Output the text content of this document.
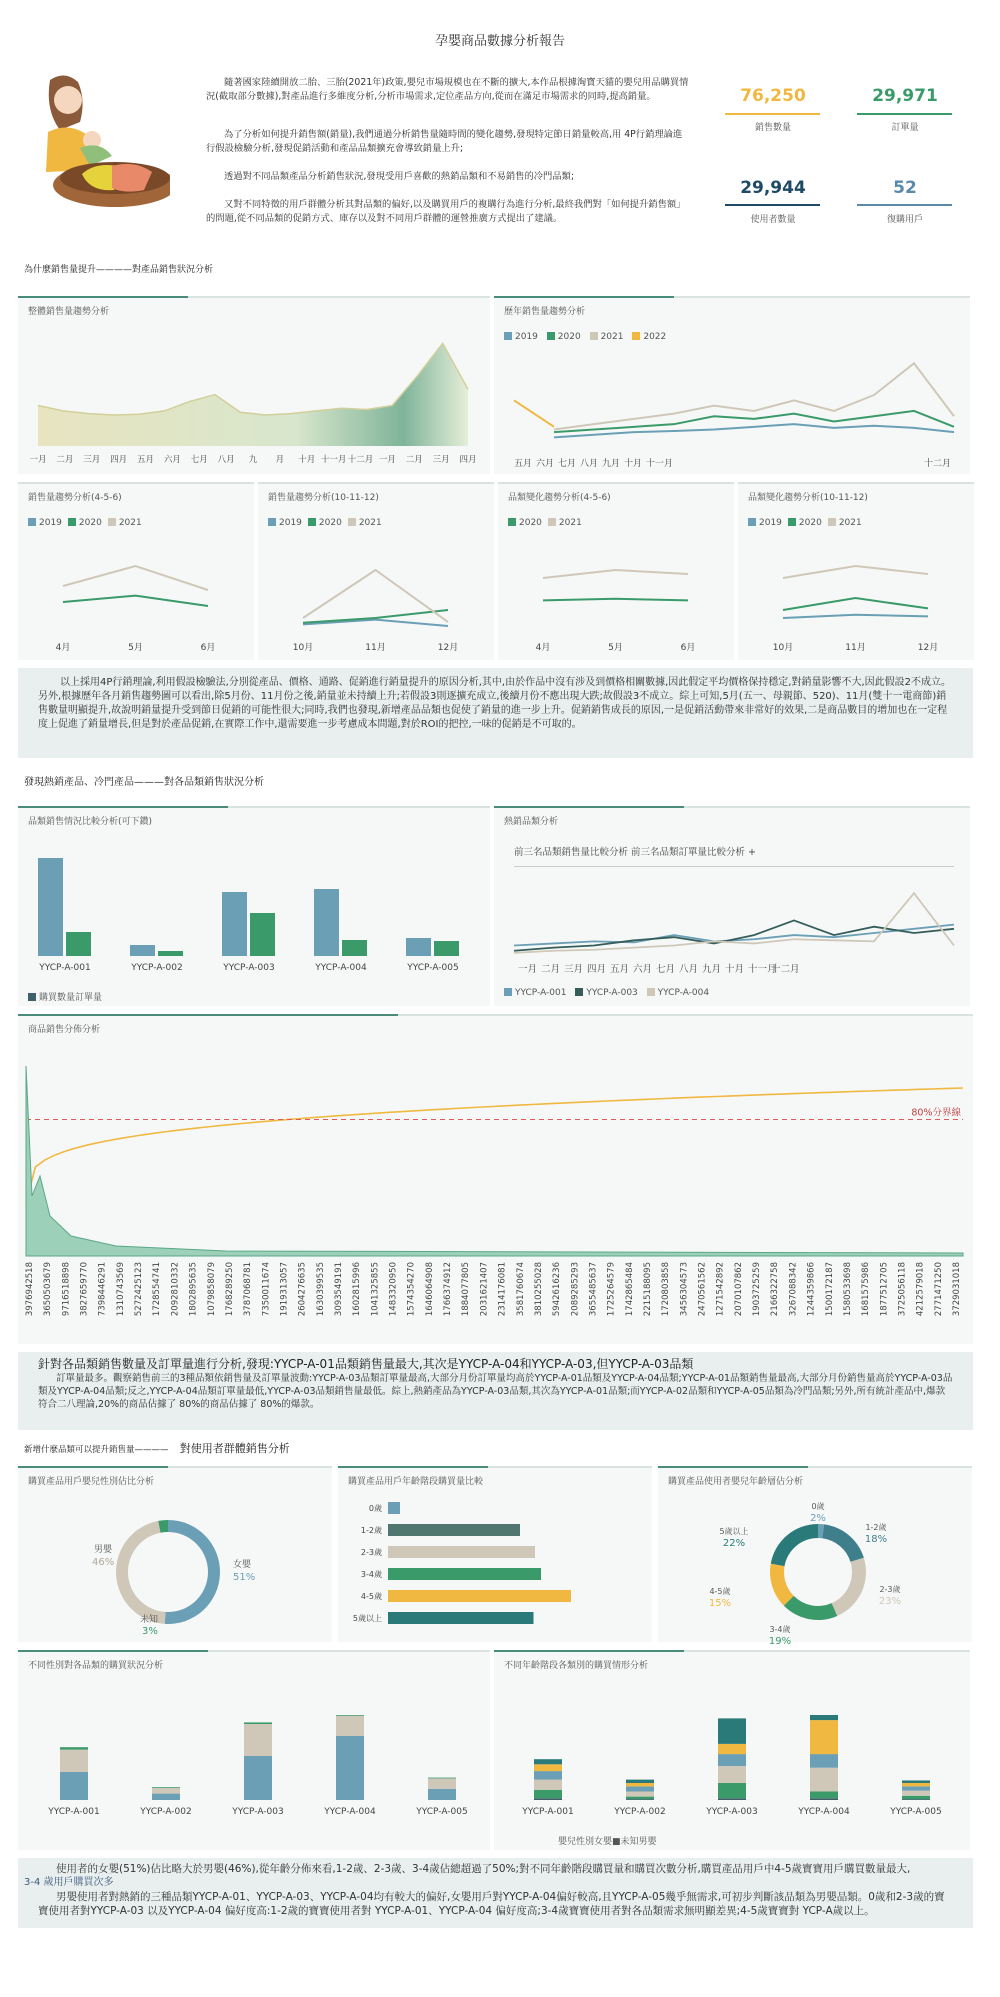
孕嬰商品數據分析報告
隨著國家陸續開放二胎、三胎(2021年)政策,嬰兒市場規模也在不斷的擴大,本作品根據淘寶天貓的嬰兒用品購買情況(截取部分數據),對產品進行多維度分析,分析市場需求,定位產品方向,從而在滿足市場需求的同時,提高銷量。
為了分析如何提升銷售額(銷量),我們通過分析銷售量隨時間的變化趨勢,發現特定節日銷量較高,用 4P行銷理論進行假設檢驗分析,發現促銷活動和產品品類擴充會導致銷量上升;
透過對不同品類產品分析銷售狀況,發現受用戶喜歡的熱銷品類和不易銷售的冷門品類;
又對不同特徵的用戶群體分析其對品類的偏好,以及購買用戶的複購行為進行分析,最終我們對「如何提升銷售額」的問題,從不同品類的促銷方式、庫存以及對不同用戶群體的運營推廣方式提出了建議。
76,250
銷售數量
29,971
訂單量
29,944
使用者數量
52
復購用戶
為什麼銷售量提升————對產品銷售狀況分析
整體銷售量趨勢分析
一月 二月 三月 四月 五月 六月 七月 八月 九 月 十月 十一月 十二月 一月 二月 三月 四月
歷年銷售量趨勢分析
2019 2020 2021 2022
五月 六月 七月 八月 九月 十月 十一月	十二月
銷售量趨勢分析(4-5-6)
2019 2020 2021
4月	5月	6月
銷售量趨勢分析(10-11-12)
2019 2020 2021
10月	11月	12月
品類變化趨勢分析(4-5-6)
2020 2021
4月	5月	6月
品類變化趨勢分析(10-11-12)
2019 2020 2021
10月	11月	12月
以上採用4P行銷理論,利用假設檢驗法,分別從產品、價格、通路、促銷進行銷量提升的原因分析,其中,由於作品中沒有涉及到價格相關數據,因此假定平均價格保持穩定,對銷量影響不大,因此假設2不成立。另外,根據歷年各月銷售趨勢圖可以看出,除5月份、11月份之後,銷量並未持續上升;若假設3則逐擴充成立,後續月份不應出現大跌;故假設3不成立。綜上可知,5月(五一、母親節、520)、11月(雙十一電商節)銷售數量明顯提升,故說明銷量提升受到節日促銷的可能性很大;同時,我們也發現,新增產品品類也促使了銷量的進一步上升。促銷銷售成長的原因,一是促銷活動帶來非常好的效果,二是商品數目的增加也在一定程度上促進了銷量增長,但是對於產品促銷,在實際工作中,還需要進一步考慮成本問題,對於ROI的把控,一味的促銷是不可取的。
發現熱銷產品、冷門產品———對各品類銷售狀況分析
品類銷售情況比較分析(可下鑽)
YYCP-A-001	YYCP-A-002	YYCP-A-003	YYCP-A-004	YYCP-A-005
購買數量訂單量
熱銷品類分析
前三名品類銷售量比較分析 前三名品類訂單量比較分析 +
一月 二月 三月 四月 五月 六月 七月 八月 九月 十月 十一月
十二月
YYCP-A-001 YYCP-A-003 YYCP-A-004
商品銷售分佈分析
80%分界線
3976942518 3650503679 9716518898 3827659770 7398446291 1310743569 5272425123 1728554741 2092810332 1802895635 1079858079 1768289250 3787068781 7350011674 1919313057 2604276635 1630399535 3093549191 1602815996 1041325855 1483320950 1574354270 1646064908 1766374912 1884077805 2031621407 2314176081 3581760674 3810255028 5942616236 2089285293 3655485637 1725264579 1742865484 2215188095 1720803858 3456304573 2470561562 1271542892 2070107862 1903725259 2166322758 3267088342 1244359866 1500172187 1580533698 1681575986 1877512705 3725056118 4212579018 2771471250 3729031018
針對各品類銷售數量及訂單量進行分析,發現:YYCP-A-01品類銷售量最大,其次是YYCP-A-04和YYCP-A-03,但YYCP-A-03品類
訂單量最多。觀察銷售前三的3種品類依銷售量及訂單量波動:YYCP-A-03品類訂單量最高,大部分月份訂單量均高於YYCP-A-01品類及YYCP-A-04品類;YYCP-A-01品類銷售量最高,大部分月份銷售量高於YYCP-A-03品類及YYCP-A-04品類;反之,YYCP-A-04品類訂單量最低,YYCP-A-03品類銷售量最低。綜上,熱銷產品為YYCP-A-03品類,其次為YYCP-A-01品類;而YYCP-A-02品類和YYCP-A-05品類為冷門品類;另外,所有統計產品中,爆款符合二八理論,20%的商品佔據了 80%的商品佔據了 80%的爆款。
新增什麼品類可以提升銷售量———— 對使用者群體銷售分析
購買產品用戶嬰兒性別佔比分析
女嬰
51%
男嬰
46%
未知
3%
購買產品用戶年齡階段購買量比較
0歲
1-2歲
2-3歲
3-4歲
4-5歲
5歲以上
購買產品使用者嬰兒年齡層佔分析
0歲
2%
1-2歲
18%
2-3歲
23%
3-4歲
19%
4-5歲
15%
5歲以上
22%
不同性別對各品類的購買狀況分析
YYCP-A-001	YYCP-A-002	YYCP-A-003	YYCP-A-004	YYCP-A-005
不同年齡階段各類別的購買情形分析
YYCP-A-001	YYCP-A-002	YYCP-A-003	YYCP-A-004	YYCP-A-005
嬰兒性別女嬰■未知男嬰
使用者的女嬰(51%)佔比略大於男嬰(46%),從年齡分佈來看,1-2歲、2-3歲、3-4歲佔總超過了50%;對不同年齡階段購買量和購買次數分析,購買產品用戶中4-5歲寶寶用戶購買數量最大,
3-4 歲用戶購買次多
男嬰使用者對熱銷的三種品類YYCP-A-01、YYCP-A-03、YYCP-A-04均有較大的偏好,女嬰用戶對YYCP-A-04偏好較高,且YYCP-A-05幾乎無需求,可初步判斷該品類為男嬰品類。0歲和2-3歲的寶寶使用者對YYCP-A-03 以及YYCP-A-04 偏好度高:1-2歲的寶寶使用者對 YYCP-A-01、YYCP-A-04 偏好度高;3-4歲寶寶使用者對各品類需求無明顯差異;4-5歲寶寶對 YCP-A歲以上。
